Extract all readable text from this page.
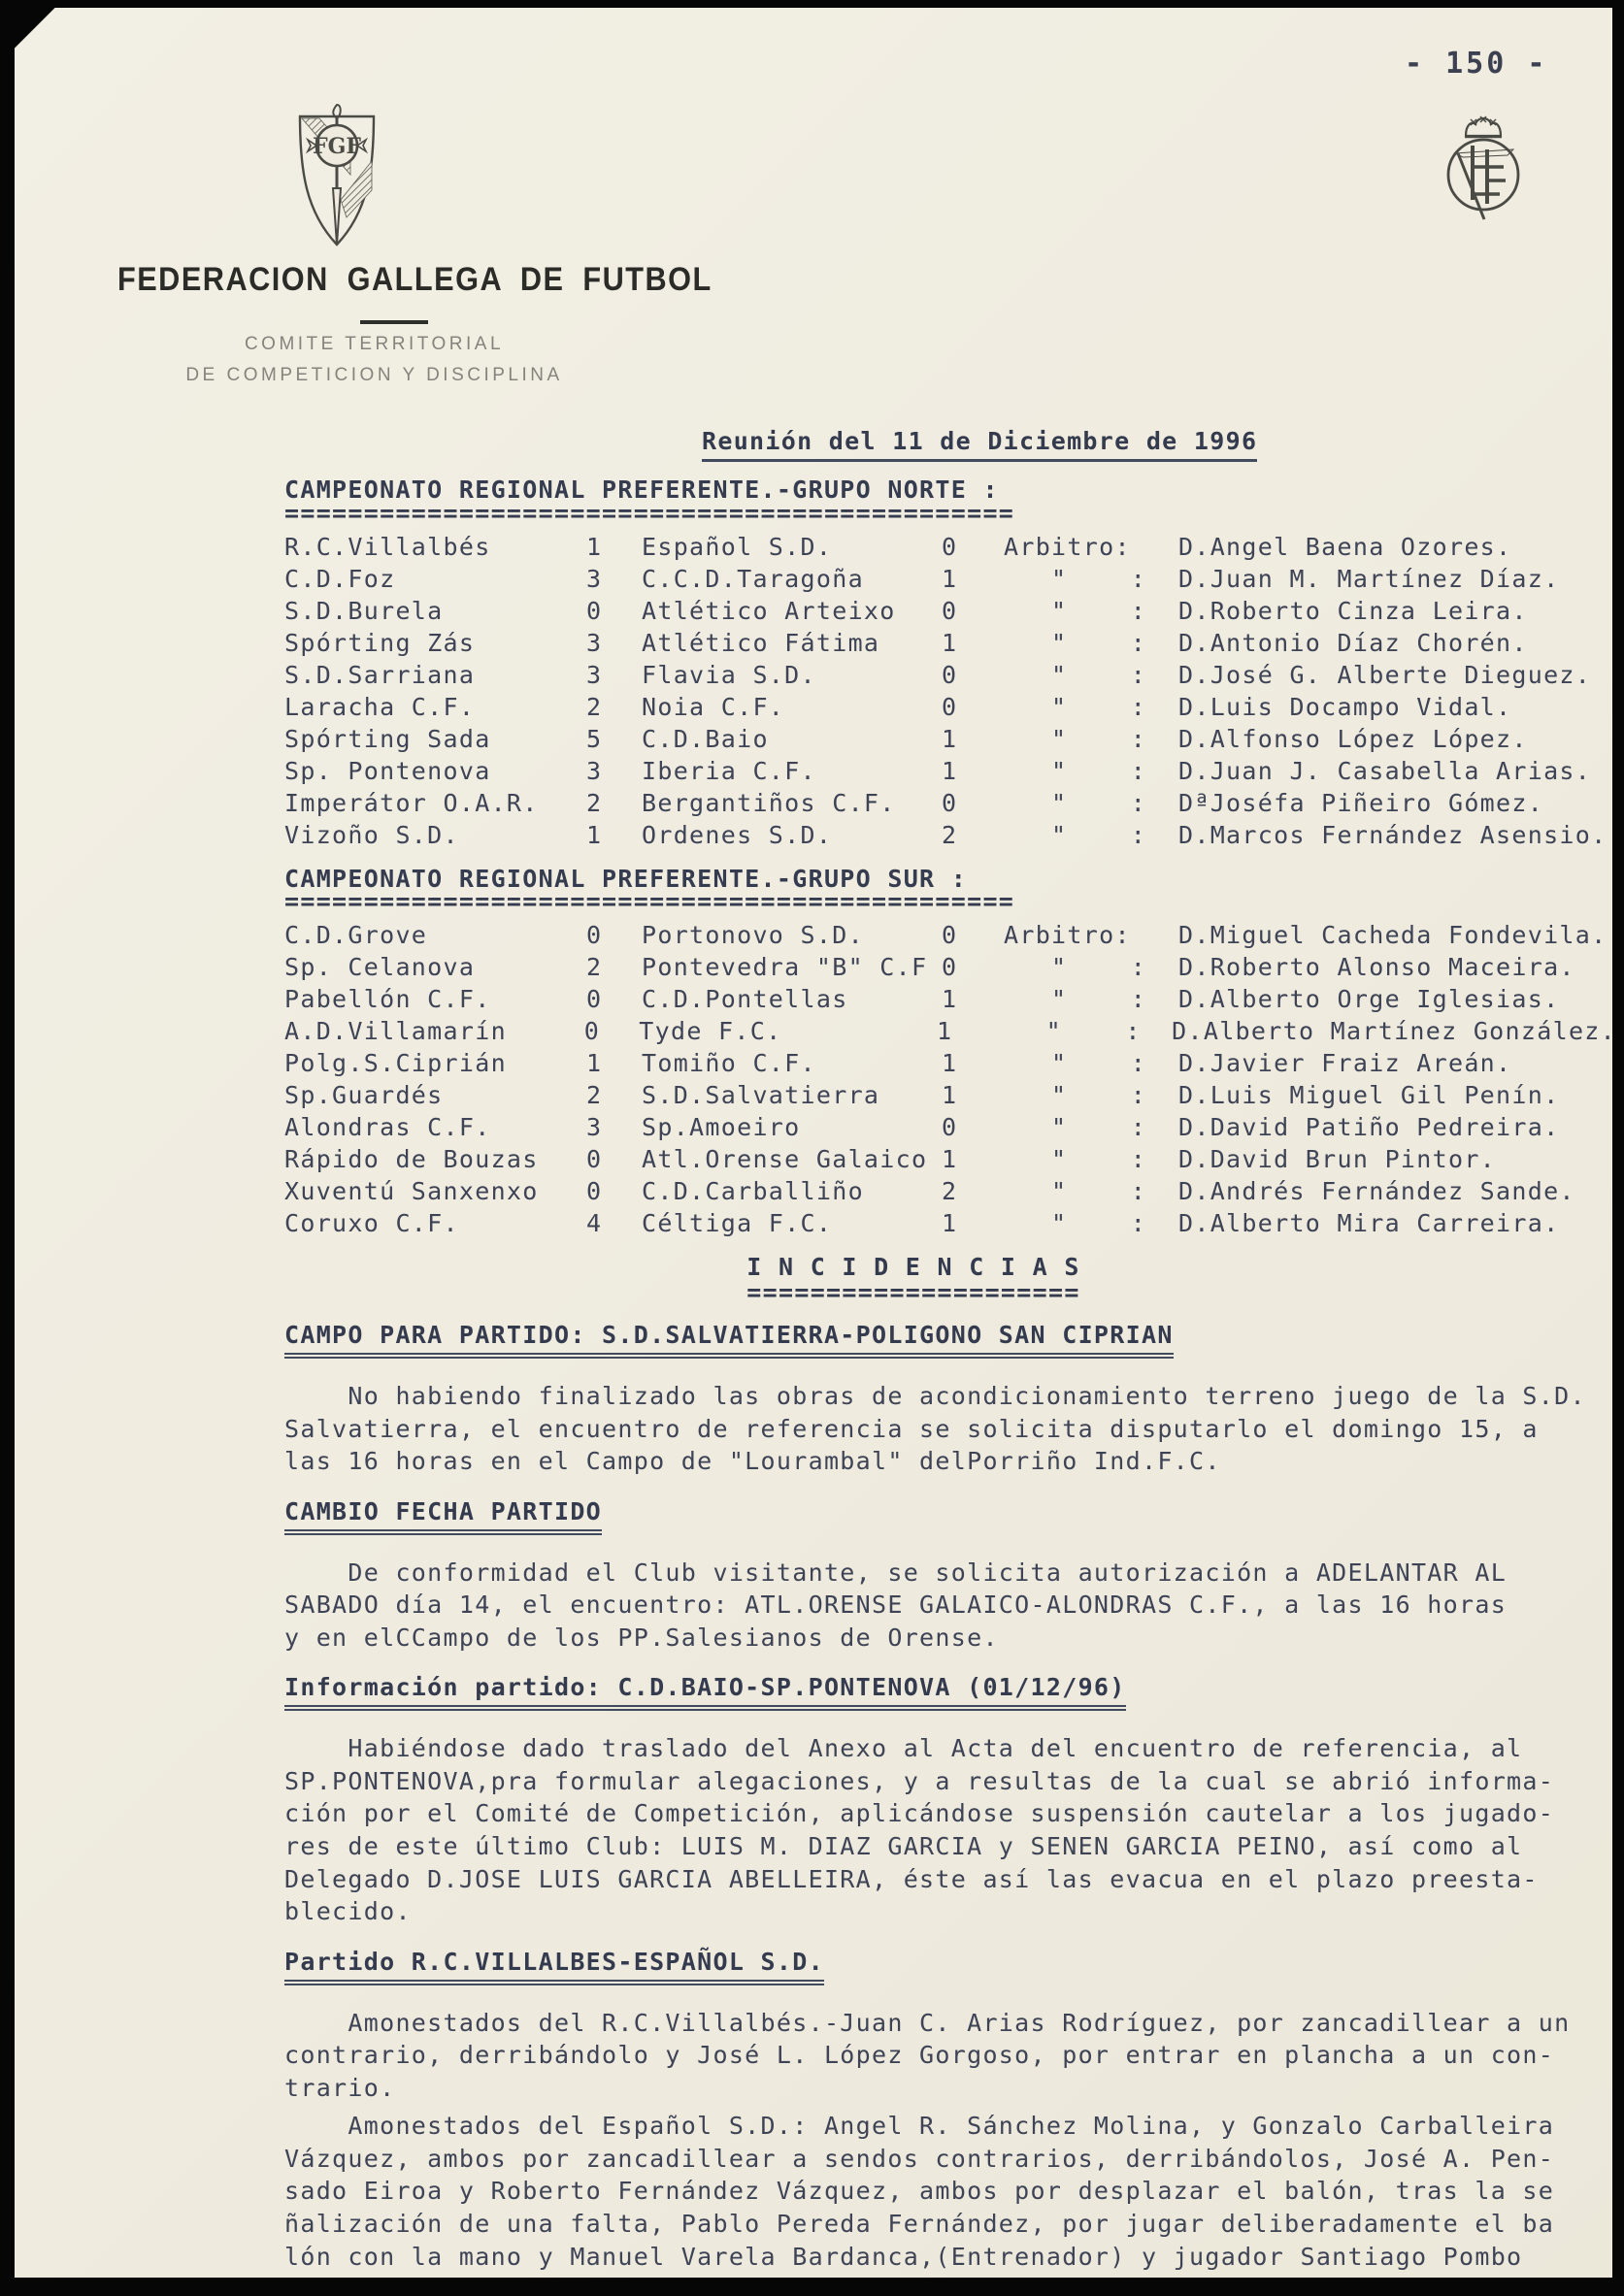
FGF
FEDERACION GALLEGA DE FUTBOL
COMITE TERRITORIAL
DE COMPETICION Y DISCIPLINA
- 150 -
Reunión del 11 de Diciembre de 1996
CAMPEONATO REGIONAL PREFERENTE.-GRUPO NORTE :
==============================================
R.C.Villalbés	1	Español S.D.	0	Arbitro:	D.Angel Baena Ozores.
C.D.Foz	3	C.C.D.Taragoña	1	"    :	D.Juan M. Martínez Díaz.
S.D.Burela	0	Atlético Arteixo	0	"    :	D.Roberto Cinza Leira.
Spórting Zás	3	Atlético Fátima	1	"    :	D.Antonio Díaz Chorén.
S.D.Sarriana	3	Flavia S.D.	0	"    :	D.José G. Alberte Dieguez.
Laracha C.F.	2	Noia C.F.	0	"    :	D.Luis Docampo Vidal.
Spórting Sada	5	C.D.Baio	1	"    :	D.Alfonso López López.
Sp. Pontenova	3	Iberia C.F.	1	"    :	D.Juan J. Casabella Arias.
Imperátor O.A.R.	2	Bergantiños C.F.	0	"    :	DªJoséfa Piñeiro Gómez.
Vizoño S.D.	1	Ordenes S.D.	2	"    :	D.Marcos Fernández Asensio.
CAMPEONATO REGIONAL PREFERENTE.-GRUPO SUR :
==============================================
C.D.Grove	0	Portonovo S.D.	0	Arbitro:	D.Miguel Cacheda Fondevila.
Sp. Celanova	2	Pontevedra "B" C.F 0	"    :	D.Roberto Alonso Maceira.
Pabellón C.F.	0	C.D.Pontellas	1	"    :	D.Alberto Orge Iglesias.
A.D.Villamarín	0	Tyde F.C.	1	"    :	D.Alberto Martínez González.
Polg.S.Ciprián	1	Tomiño C.F.	1	"    :	D.Javier Fraiz Areán.
Sp.Guardés	2	S.D.Salvatierra	1	"    :	D.Luis Miguel Gil Penín.
Alondras C.F.	3	Sp.Amoeiro	0	"    :	D.David Patiño Pedreira.
Rápido de Bouzas	0	Atl.Orense Galaico 1	"    :	D.David Brun Pintor.
Xuventú Sanxenxo	0	C.D.Carballiño	2	"    :	D.Andrés Fernández Sande.
Coruxo C.F.	4	Céltiga F.C.	1	"    :	D.Alberto Mira Carreira.
I N C I D E N C I A S
=====================
CAMPO PARA PARTIDO: S.D.SALVATIERRA-POLIGONO SAN CIPRIAN
No habiendo finalizado las obras de acondicionamiento terreno juego de la S.D.
Salvatierra, el encuentro de referencia se solicita disputarlo el domingo 15, a
las 16 horas en el Campo de "Lourambal" delPorriño Ind.F.C.
CAMBIO FECHA PARTIDO
De conformidad el Club visitante, se solicita autorización a ADELANTAR AL
SABADO día 14, el encuentro: ATL.ORENSE GALAICO-ALONDRAS C.F., a las 16 horas
y en elCCampo de los PP.Salesianos de Orense.
Información partido: C.D.BAIO-SP.PONTENOVA (01/12/96)
Habiéndose dado traslado del Anexo al Acta del encuentro de referencia, al
SP.PONTENOVA,pra formular alegaciones, y a resultas de la cual se abrió informa-
ción por el Comité de Competición, aplicándose suspensión cautelar a los jugado-
res de este último Club: LUIS M. DIAZ GARCIA y SENEN GARCIA PEINO, así como al
Delegado D.JOSE LUIS GARCIA ABELLEIRA, éste así las evacua en el plazo preesta-
blecido.
Partido R.C.VILLALBES-ESPAÑOL S.D.
Amonestados del R.C.Villalbés.-Juan C. Arias Rodríguez, por zancadillear a un
contrario, derribándolo y José L. López Gorgoso, por entrar en plancha a un con-
trario.
Amonestados del Español S.D.: Angel R. Sánchez Molina, y Gonzalo Carballeira
Vázquez, ambos por zancadillear a sendos contrarios, derribándolos, José A. Pen-
sado Eiroa y Roberto Fernández Vázquez, ambos por desplazar el balón, tras la se
ñalización de una falta, Pablo Pereda Fernández, por jugar deliberadamente el ba
lón con la mano y Manuel Varela Bardanca,(Entrenador) y jugador Santiago Pombo
